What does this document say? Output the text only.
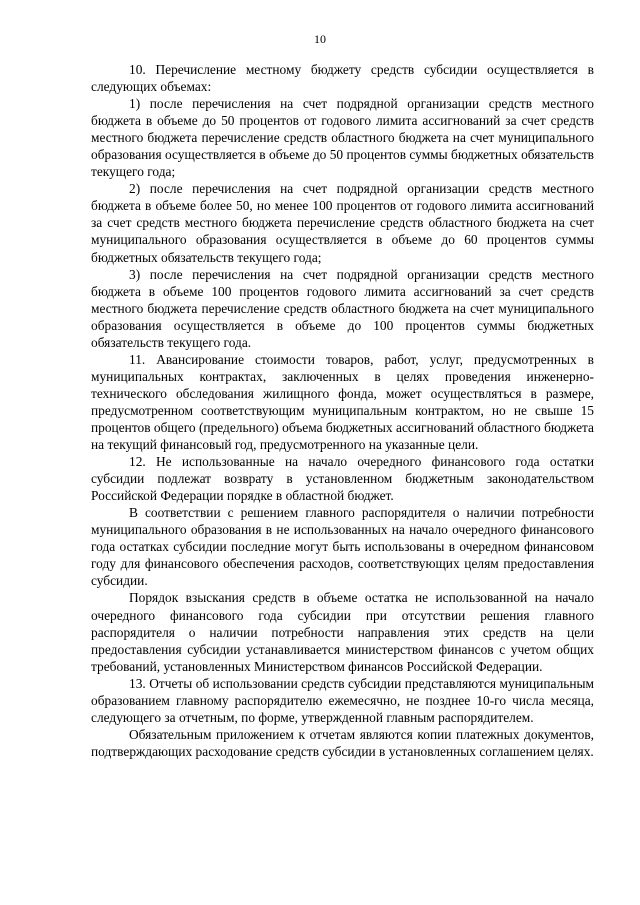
10

10. Перечисление местному бюджету средств субсидии осуществляется в следующих объемах:

1) после перечисления на счет подрядной организации средств местного бюджета в объеме до 50 процентов от годового лимита ассигнований за счет средств местного бюджета перечисление средств областного бюджета на счет муниципального образования осуществляется в объеме до 50 процентов суммы бюджетных обязательств текущего года;

2) после перечисления на счет подрядной организации средств местного бюджета в объеме более 50, но менее 100 процентов от годового лимита ассигнований за счет средств местного бюджета перечисление средств областного бюджета на счет муниципального образования осуществляется в объеме до 60 процентов суммы бюджетных обязательств текущего года;

3) после перечисления на счет подрядной организации средств местного бюджета в объеме 100 процентов годового лимита ассигнований за счет средств местного бюджета перечисление средств областного бюджета на счет муниципального образования осуществляется в объеме до 100 процентов суммы бюджетных обязательств текущего года.

11. Авансирование стоимости товаров, работ, услуг, предусмотренных в муниципальных контрактах, заключенных в целях проведения инженерно-технического обследования жилищного фонда, может осуществляться в размере, предусмотренном соответствующим муниципальным контрактом, но не свыше 15 процентов общего (предельного) объема бюджетных ассигнований областного бюджета на текущий финансовый год, предусмотренного на указанные цели.

12. Не использованные на начало очередного финансового года остатки субсидии подлежат возврату в установленном бюджетным законодательством Российской Федерации порядке в областной бюджет.

В соответствии с решением главного распорядителя о наличии потребности муниципального образования в не использованных на начало очередного финансового года остатках субсидии последние могут быть использованы в очередном финансовом году для финансового обеспечения расходов, соответствующих целям предоставления субсидии.

Порядок взыскания средств в объеме остатка не использованной на начало очередного финансового года субсидии при отсутствии решения главного распорядителя о наличии потребности направления этих средств на цели предоставления субсидии устанавливается министерством финансов с учетом общих требований, установленных Министерством финансов Российской Федерации.

13. Отчеты об использовании средств субсидии представляются муниципальным образованием главному распорядителю ежемесячно, не позднее 10-го числа месяца, следующего за отчетным, по форме, утвержденной главным распорядителем.

Обязательным приложением к отчетам являются копии платежных документов, подтверждающих расходование средств субсидии в установленных соглашением целях.
